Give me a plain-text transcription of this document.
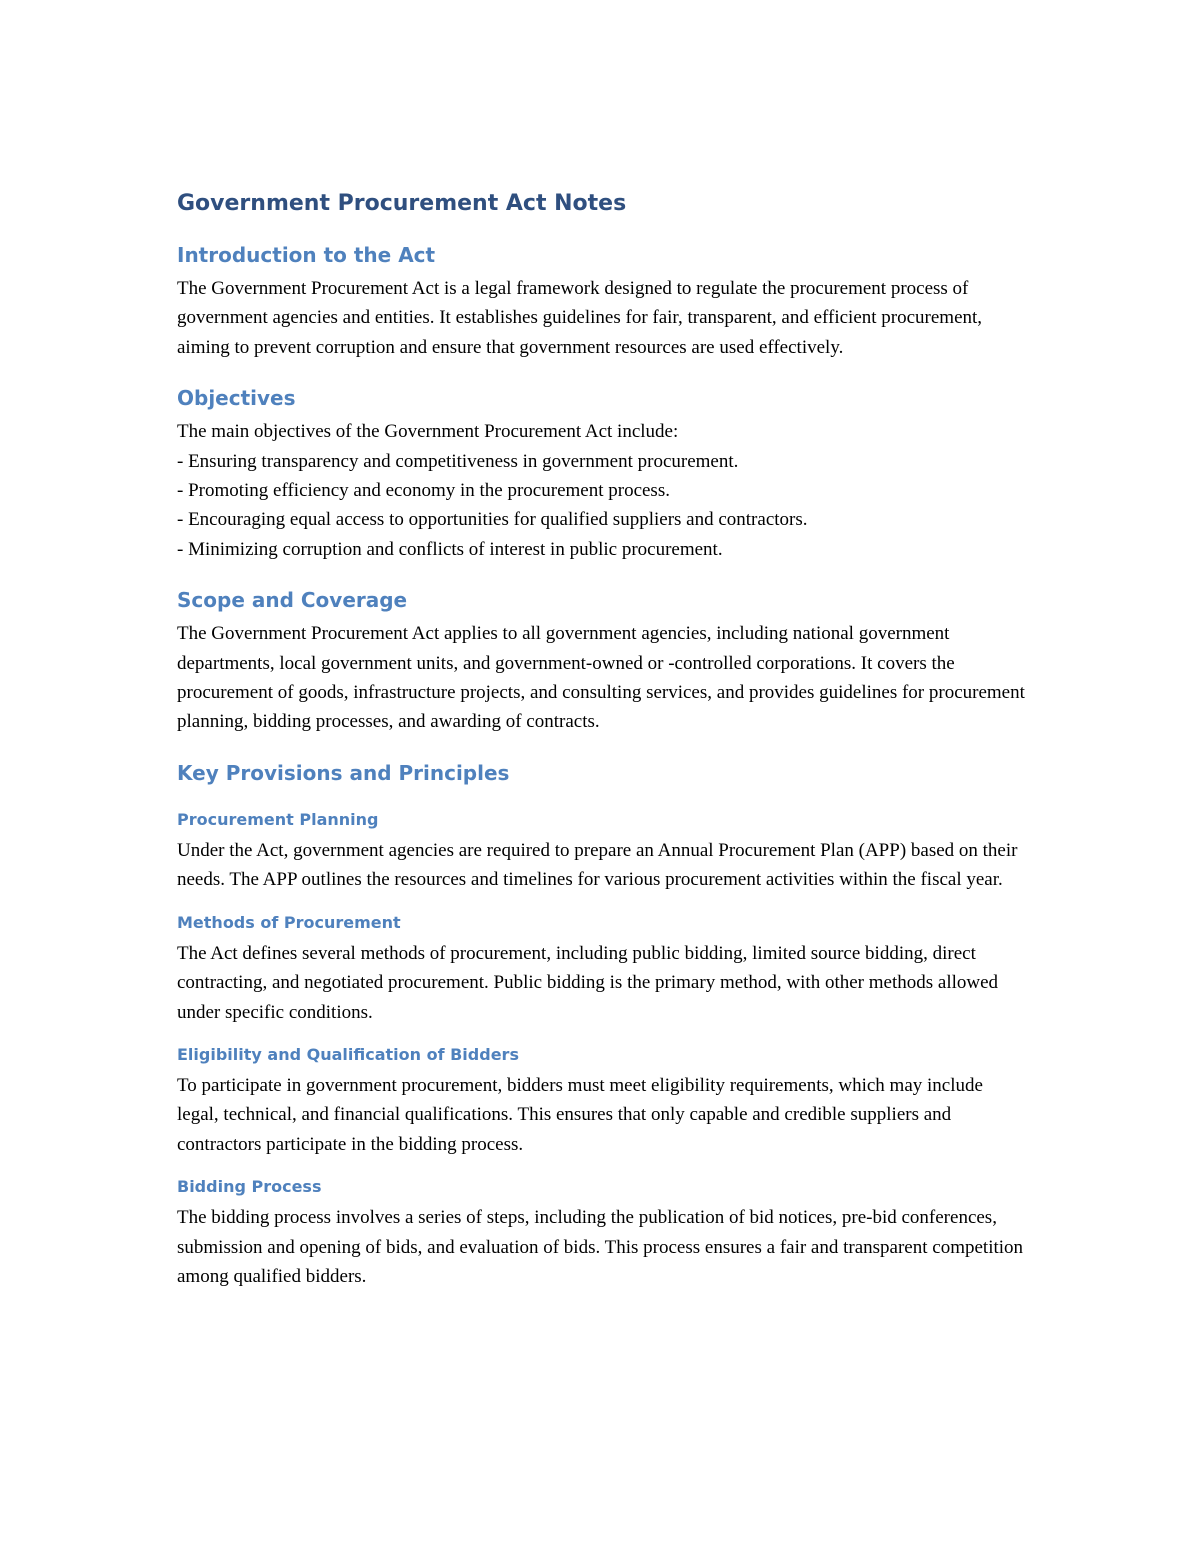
Government Procurement Act Notes
Introduction to the Act

The Government Procurement Act is a legal framework designed to regulate the procurement process of government agencies and entities. It establishes guidelines for fair, transparent, and efficient procurement, aiming to prevent corruption and ensure that government resources are used effectively.

Objectives

The main objectives of the Government Procurement Act include:

- Ensuring transparency and competitiveness in government procurement.
- Promoting efficiency and economy in the procurement process.
- Encouraging equal access to opportunities for qualified suppliers and contractors.
- Minimizing corruption and conflicts of interest in public procurement.
Scope and Coverage

The Government Procurement Act applies to all government agencies, including national government departments, local government units, and government-owned or -controlled corporations. It covers the procurement of goods, infrastructure projects, and consulting services, and provides guidelines for procurement planning, bidding processes, and awarding of contracts.

Key Provisions and Principles
Procurement Planning

Under the Act, government agencies are required to prepare an Annual Procurement Plan (APP) based on their needs. The APP outlines the resources and timelines for various procurement activities within the fiscal year.

Methods of Procurement

The Act defines several methods of procurement, including public bidding, limited source bidding, direct contracting, and negotiated procurement. Public bidding is the primary method, with other methods allowed under specific conditions.

Eligibility and Qualification of Bidders

To participate in government procurement, bidders must meet eligibility requirements, which may include legal, technical, and financial qualifications. This ensures that only capable and credible suppliers and contractors participate in the bidding process.

Bidding Process

The bidding process involves a series of steps, including the publication of bid notices, pre-bid conferences, submission and opening of bids, and evaluation of bids. This process ensures a fair and transparent competition among qualified bidders.
